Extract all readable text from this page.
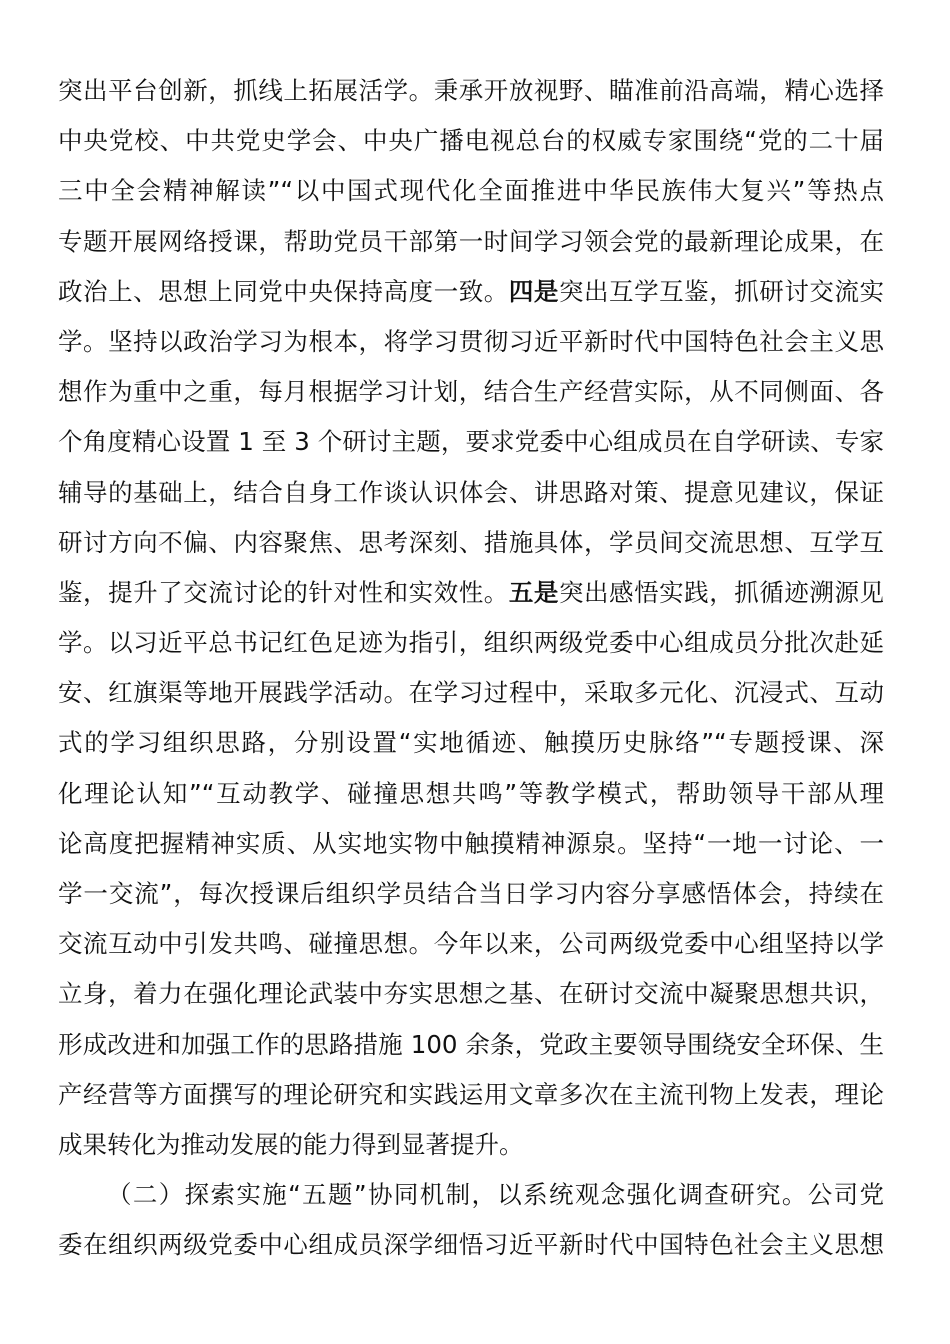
突出平台创新，抓线上拓展活学。秉承开放视野、瞄准前沿高端，精心选择
中央党校、中共党史学会、中央广播电视总台的权威专家围绕“党的二十届
三中全会精神解读”“以中国式现代化全面推进中华民族伟大复兴”等热点
专题开展网络授课，帮助党员干部第一时间学习领会党的最新理论成果，在
政治上、思想上同党中央保持高度一致。四是突出互学互鉴，抓研讨交流实
学。坚持以政治学习为根本，将学习贯彻习近平新时代中国特色社会主义思
想作为重中之重，每月根据学习计划，结合生产经营实际，从不同侧面、各
个角度精心设置 1 至 3 个研讨主题，要求党委中心组成员在自学研读、专家
辅导的基础上，结合自身工作谈认识体会、讲思路对策、提意见建议，保证
研讨方向不偏、内容聚焦、思考深刻、措施具体，学员间交流思想、互学互
鉴，提升了交流讨论的针对性和实效性。五是突出感悟实践，抓循迹溯源见
学。以习近平总书记红色足迹为指引，组织两级党委中心组成员分批次赴延
安、红旗渠等地开展践学活动。在学习过程中，采取多元化、沉浸式、互动
式的学习组织思路，分别设置“实地循迹、触摸历史脉络”“专题授课、深
化理论认知”“互动教学、碰撞思想共鸣”等教学模式，帮助领导干部从理
论高度把握精神实质、从实地实物中触摸精神源泉。坚持“一地一讨论、一
学一交流”，每次授课后组织学员结合当日学习内容分享感悟体会，持续在
交流互动中引发共鸣、碰撞思想。今年以来，公司两级党委中心组坚持以学
立身，着力在强化理论武装中夯实思想之基、在研讨交流中凝聚思想共识，
形成改进和加强工作的思路措施 100 余条，党政主要领导围绕安全环保、生
产经营等方面撰写的理论研究和实践运用文章多次在主流刊物上发表，理论
成果转化为推动发展的能力得到显著提升。
（二）探索实施“五题”协同机制，以系统观念强化调查研究。公司党
委在组织两级党委中心组成员深学细悟习近平新时代中国特色社会主义思想
